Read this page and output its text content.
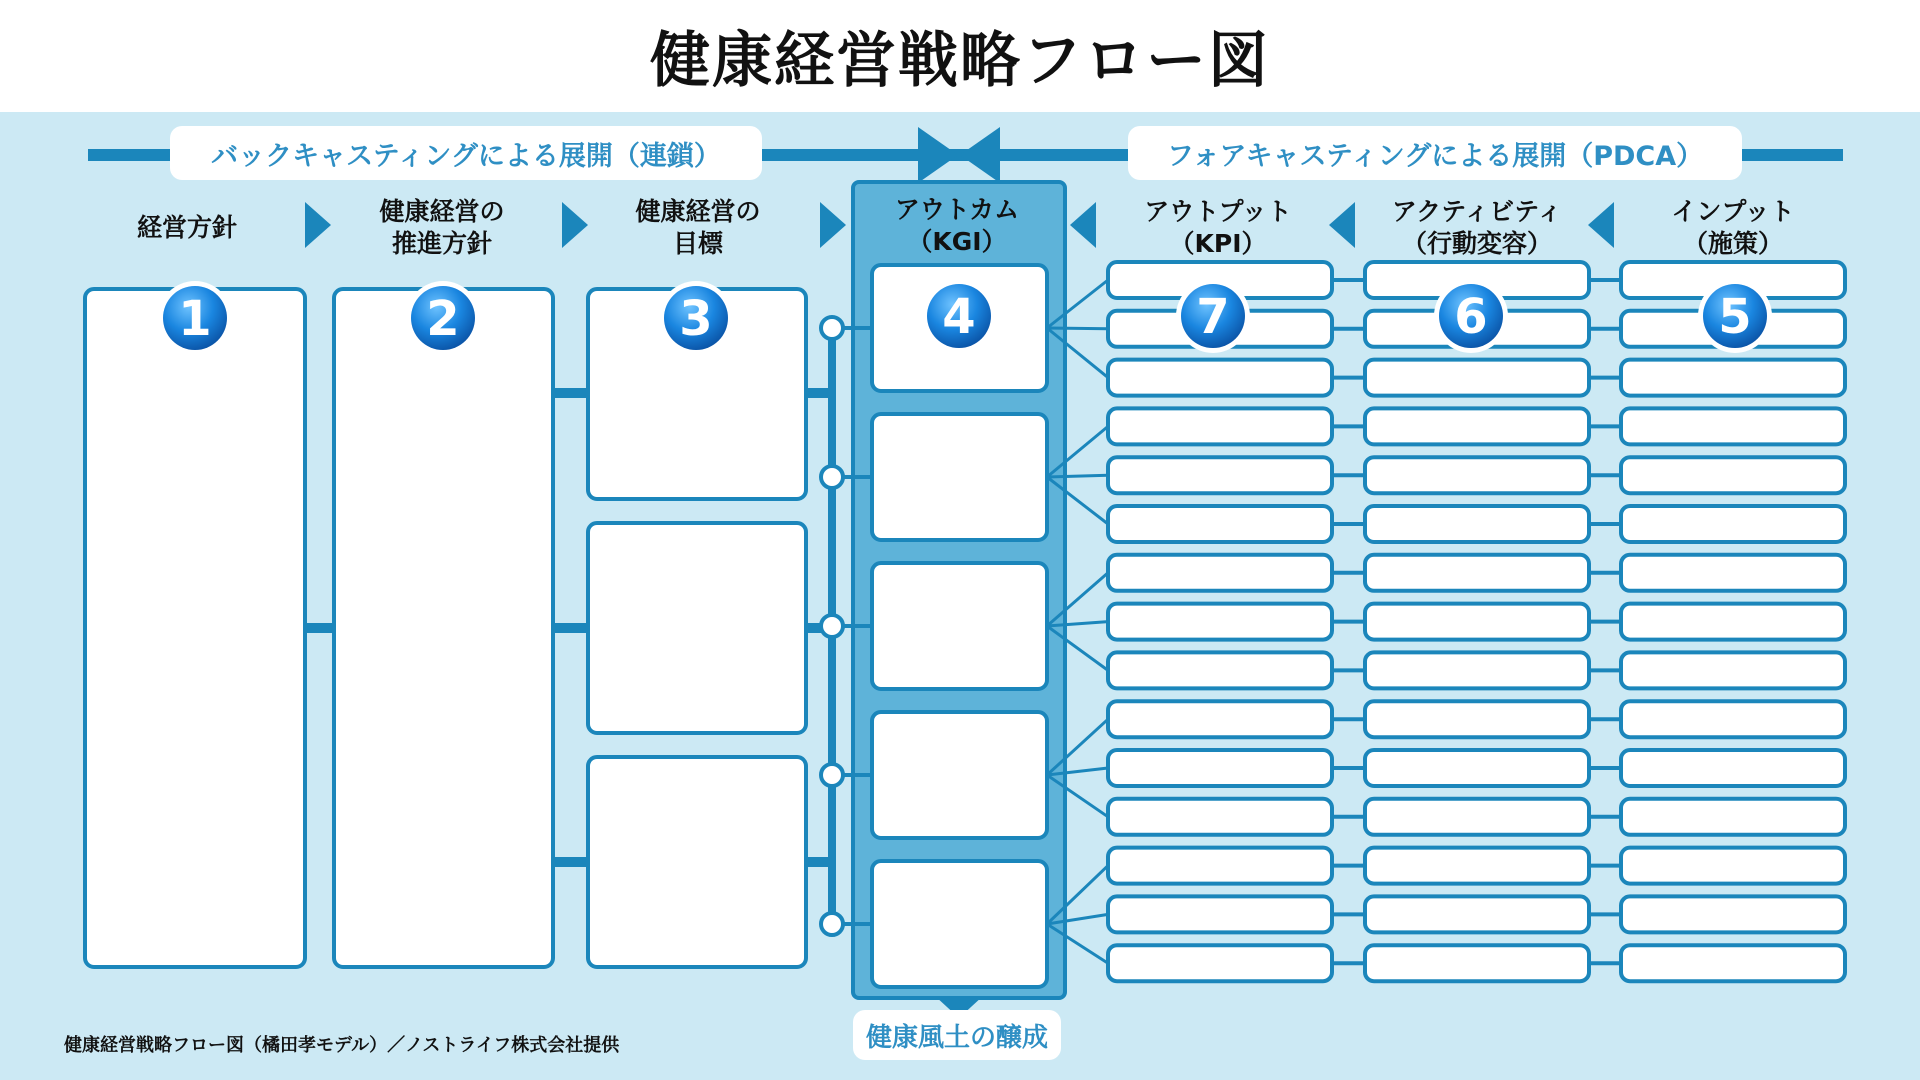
健康経営戦略フロー図
1	2	3	4	7	6	5
バックキャスティングによる展開（連鎖）	フォアキャスティングによる展開（PDCA）
経営方針
健康経営の
推進方針
健康経営の
目標
アウトカム
（KGI）
アウトプット
（KPI）
アクティビティ
（行動変容）
インプット
（施策）
健康風土の醸成
健康経営戦略フロー図（橘田孝モデル）／ノストライフ株式会社提供
